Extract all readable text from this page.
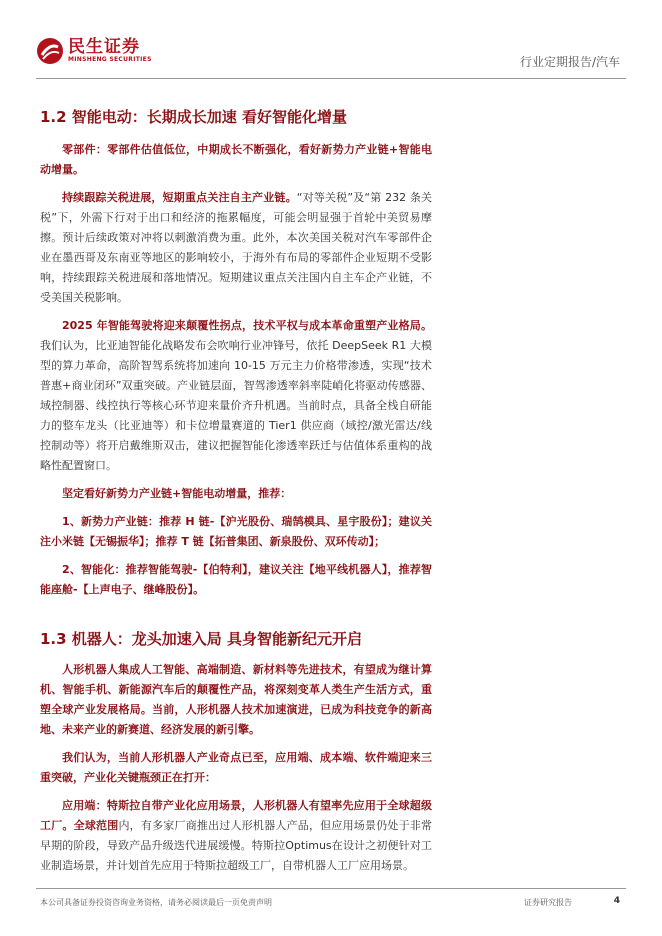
民生证券
MINSHENG SECURITIES	行业定期报告/汽车
1.2 智能电动：长期成长加速 看好智能化增量

零部件：零部件估值低位，中期成长不断强化，看好新势力产业链+智能电动增量。

持续跟踪关税进展，短期重点关注自主产业链。“对等关税”及“第 232 条关税”下，外需下行对于出口和经济的拖累幅度，可能会明显强于首轮中美贸易摩擦。预计后续政策对冲将以刺激消费为重。此外，本次美国关税对汽车零部件企业在墨西哥及东南亚等地区的影响较小，于海外有布局的零部件企业短期不受影响，持续跟踪关税进展和落地情况。短期建议重点关注国内自主车企产业链，不受美国关税影响。

2025 年智能驾驶将迎来颠覆性拐点，技术平权与成本革命重塑产业格局。我们认为，比亚迪智能化战略发布会吹响行业冲锋号，依托 DeepSeek R1 大模型的算力革命，高阶智驾系统将加速向 10-15 万元主力价格带渗透，实现“技术普惠+商业闭环”双重突破。产业链层面，智驾渗透率斜率陡峭化将驱动传感器、域控制器、线控执行等核心环节迎来量价齐升机遇。当前时点，具备全栈自研能力的整车龙头（比亚迪等）和卡位增量赛道的 Tier1 供应商（域控/激光雷达/线控制动等）将开启戴维斯双击，建议把握智能化渗透率跃迁与估值体系重构的战略性配置窗口。

坚定看好新势力产业链+智能电动增量，推荐：

1、新势力产业链：推荐 H 链-【沪光股份、瑞鹄模具、星宇股份】；建议关注小米链【无锡振华】；推荐 T 链【拓普集团、新泉股份、双环传动】；

2、智能化：推荐智能驾驶-【伯特利】，建议关注【地平线机器人】，推荐智能座舱-【上声电子、继峰股份】。

1.3 机器人：龙头加速入局 具身智能新纪元开启

人形机器人集成人工智能、高端制造、新材料等先进技术，有望成为继计算机、智能手机、新能源汽车后的颠覆性产品，将深刻变革人类生产生活方式，重塑全球产业发展格局。当前，人形机器人技术加速演进，已成为科技竞争的新高地、未来产业的新赛道、经济发展的新引擎。

我们认为，当前人形机器人产业奇点已至，应用端、成本端、软件端迎来三重突破，产业化关键瓶颈正在打开：

应用端：特斯拉自带产业化应用场景，人形机器人有望率先应用于全球超级工厂。全球范围内，有多家厂商推出过人形机器人产品，但应用场景仍处于非常早期的阶段，导致产品升级迭代进展缓慢。特斯拉Optimus在设计之初便针对工业制造场景，并计划首先应用于特斯拉超级工厂，自带机器人工厂应用场景。

本公司具备证券投资咨询业务资格，请务必阅读最后一页免责声明	证券研究报告	4
